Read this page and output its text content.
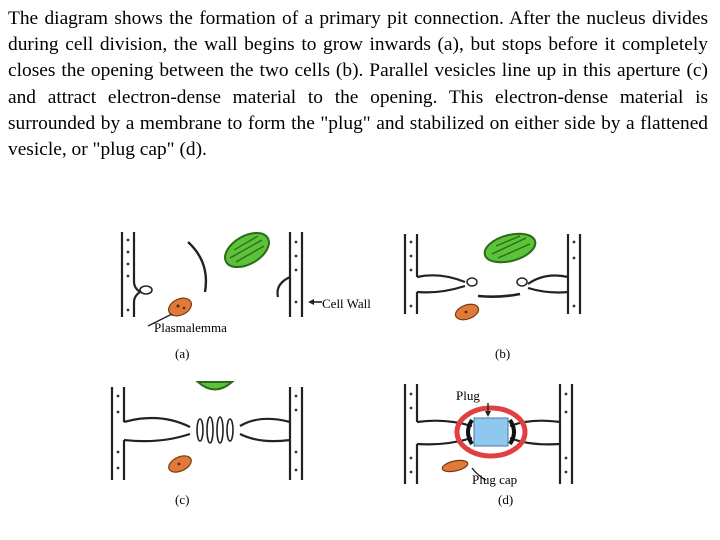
The diagram shows the formation of a primary pit connection. After the nucleus divides during cell division, the wall begins to grow inwards (a), but stops before it completely closes the opening between the two cells (b). Parallel vesicles line up in this aperture (c) and attract electron-dense material to the opening. This electron-dense material is surrounded by a membrane to form the "plug" and stabilized on either side by a flattened vesicle, or "plug cap" (d).

Cell Wall
Plasmalemma
(a)	(b)
(c)
Plug
Plug cap
(d)
